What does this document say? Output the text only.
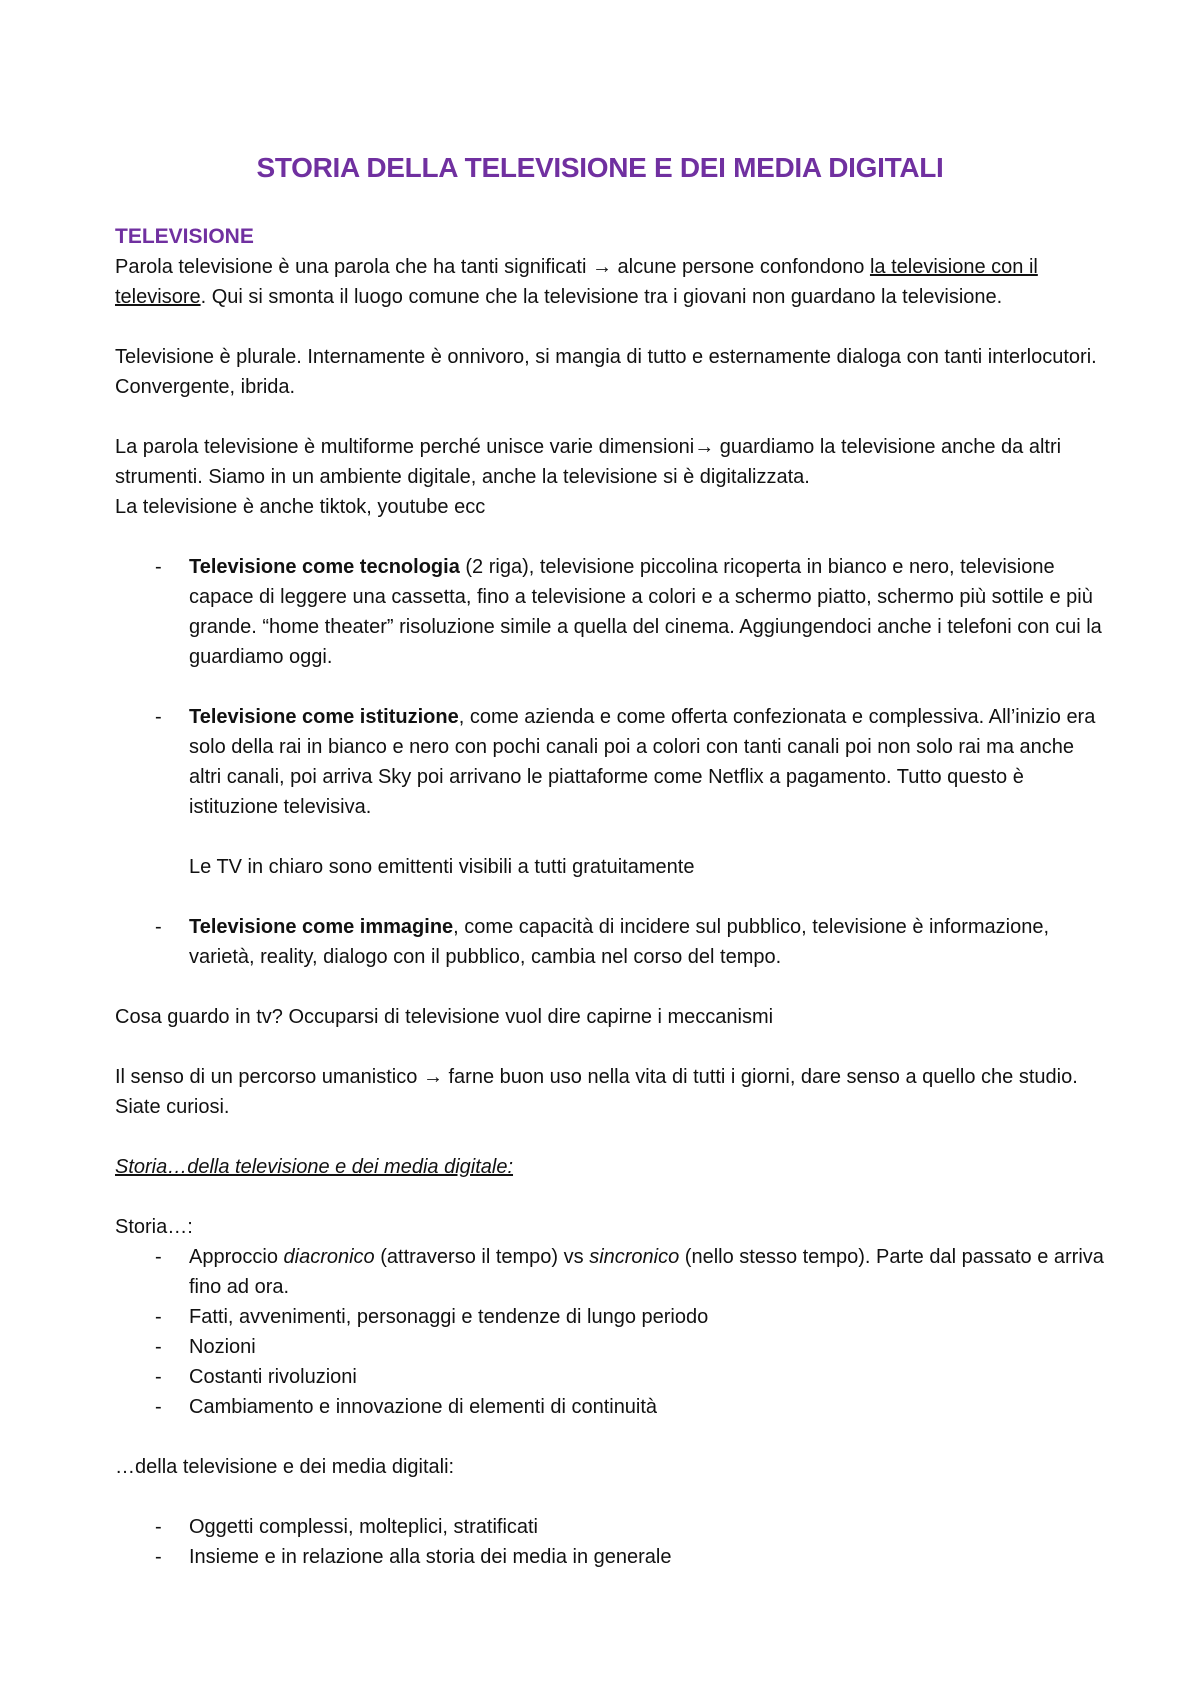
STORIA DELLA TELEVISIONE E DEI MEDIA DIGITALI
TELEVISIONE

Parola televisione è una parola che ha tanti significati → alcune persone confondono la televisione con il televisore. Qui si smonta il luogo comune che la televisione tra i giovani non guardano la televisione.

Televisione è plurale. Internamente è onnivoro, si mangia di tutto e esternamente dialoga con tanti interlocutori. Convergente, ibrida.

La parola televisione è multiforme perché unisce varie dimensioni→ guardiamo la televisione anche da altri strumenti. Siamo in un ambiente digitale, anche la televisione si è digitalizzata.

La televisione è anche tiktok, youtube ecc

- Televisione come tecnologia (2 riga), televisione piccolina ricoperta in bianco e nero, televisione capace di leggere una cassetta, fino a televisione a colori e a schermo piatto, schermo più sottile e più grande. “home theater” risoluzione simile a quella del cinema. Aggiungendoci anche i telefoni con cui la guardiamo oggi.
- Televisione come istituzione, come azienda e come offerta confezionata e complessiva. All’inizio era solo della rai in bianco e nero con pochi canali poi a colori con tanti canali poi non solo rai ma anche altri canali, poi arriva Sky poi arrivano le piattaforme come Netflix a pagamento. Tutto questo è istituzione televisiva.

Le TV in chiaro sono emittenti visibili a tutti gratuitamente

- Televisione come immagine, come capacità di incidere sul pubblico, televisione è informazione, varietà, reality, dialogo con il pubblico, cambia nel corso del tempo.

Cosa guardo in tv? Occuparsi di televisione vuol dire capirne i meccanismi

Il senso di un percorso umanistico → farne buon uso nella vita di tutti i giorni, dare senso a quello che studio. Siate curiosi.

Storia…della televisione e dei media digitale:

Storia…:

- Approccio diacronico (attraverso il tempo) vs sincronico (nello stesso tempo). Parte dal passato e arriva fino ad ora.
- Fatti, avvenimenti, personaggi e tendenze di lungo periodo
- Nozioni
- Costanti rivoluzioni
- Cambiamento e innovazione di elementi di continuità

…della televisione e dei media digitali:

- Oggetti complessi, molteplici, stratificati
- Insieme e in relazione alla storia dei media in generale
